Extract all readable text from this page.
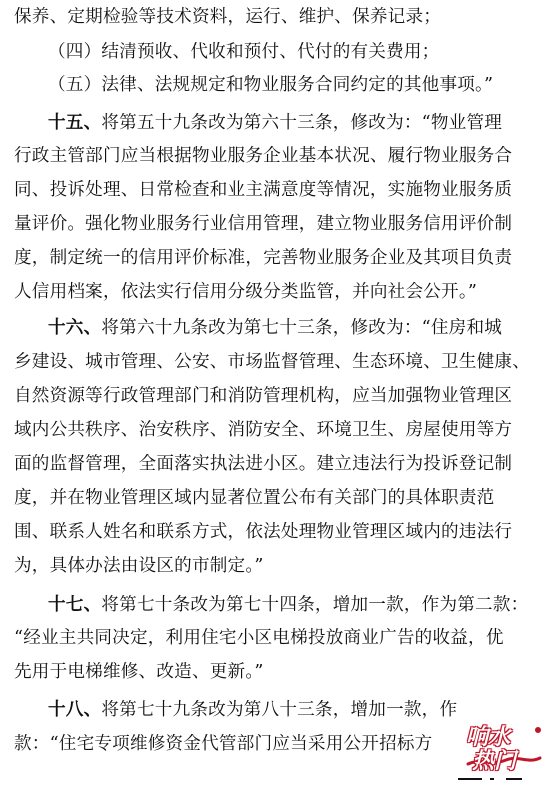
保养、定期检验等技术资料，运行、维护、保养记录；
（四）结清预收、代收和预付、代付的有关费用；
（五）法律、法规规定和物业服务合同约定的其他事项。”
十五、将第五十九条改为第六十三条，修改为：“物业管理
行政主管部门应当根据物业服务企业基本状况、履行物业服务合
同、投诉处理、日常检查和业主满意度等情况，实施物业服务质
量评价。强化物业服务行业信用管理，建立物业服务信用评价制
度，制定统一的信用评价标准，完善物业服务企业及其项目负责
人信用档案，依法实行信用分级分类监管，并向社会公开。”
十六、将第六十九条改为第七十三条，修改为：“住房和城
乡建设、城市管理、公安、市场监督管理、生态环境、卫生健康、
自然资源等行政管理部门和消防管理机构，应当加强物业管理区
域内公共秩序、治安秩序、消防安全、环境卫生、房屋使用等方
面的监督管理，全面落实执法进小区。建立违法行为投诉登记制
度，并在物业管理区域内显著位置公布有关部门的具体职责范
围、联系人姓名和联系方式，依法处理物业管理区域内的违法行
为，具体办法由设区的市制定。”
十七、将第七十条改为第七十四条，增加一款，作为第二款：
“经业主共同决定，利用住宅小区电梯投放商业广告的收益，优
先用于电梯维修、改造、更新。”
十八、将第七十九条改为第八十三条，增加一款，作
款：“住宅专项维修资金代管部门应当采用公开招标方	响水
热门
